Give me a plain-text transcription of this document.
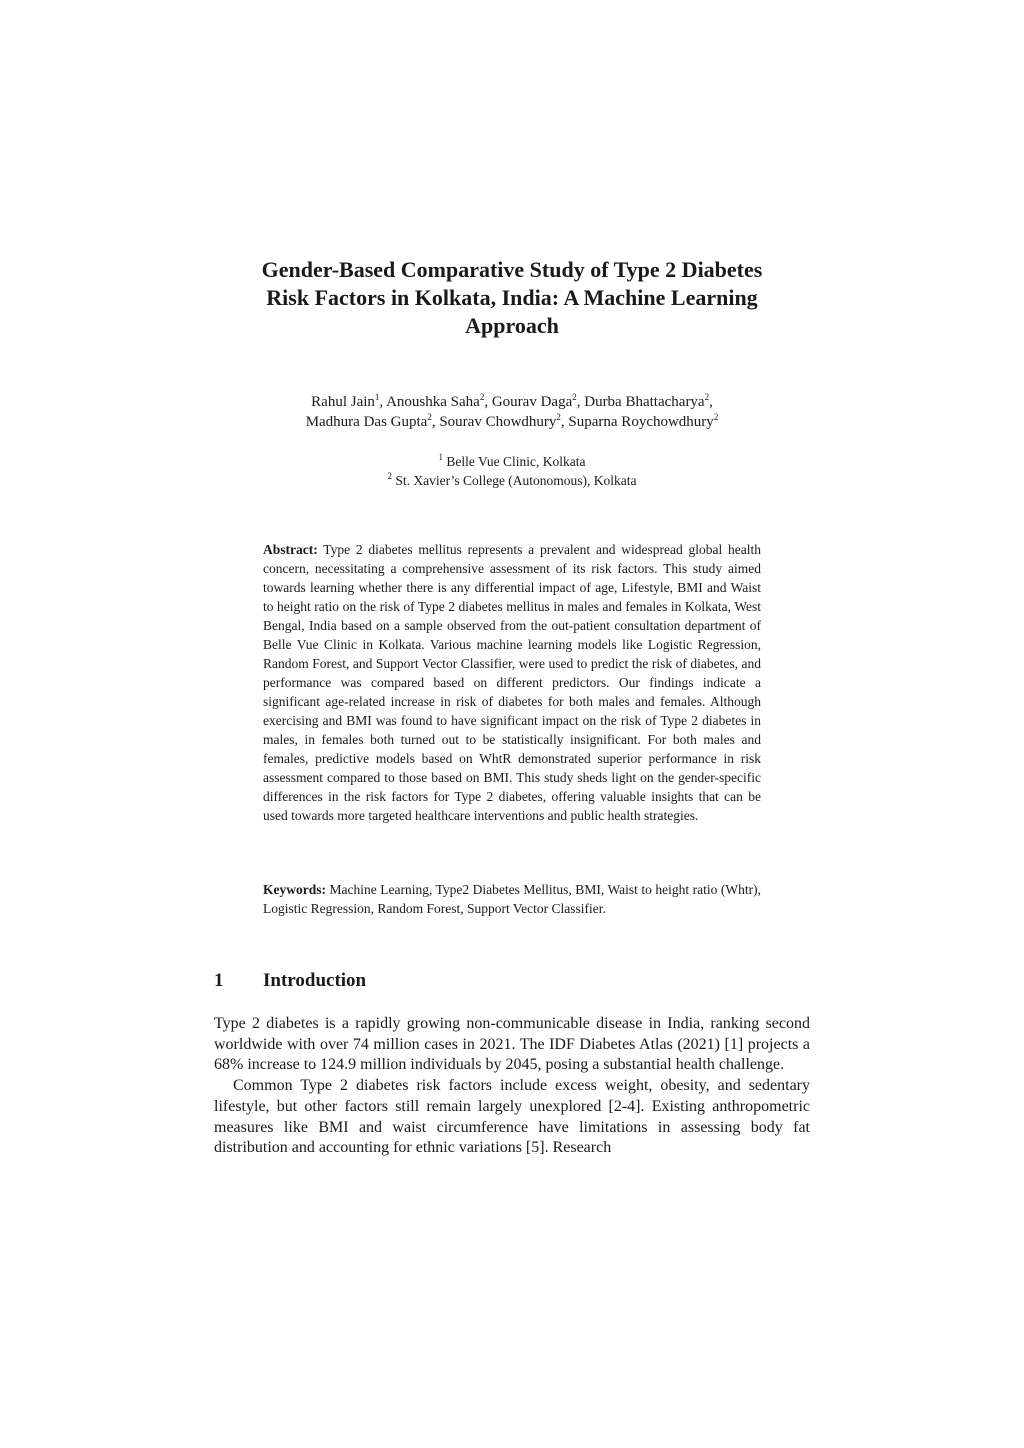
Gender-Based Comparative Study of Type 2 Diabetes
Risk Factors in Kolkata, India: A Machine Learning
Approach
Rahul Jain$^1$, Anoushka Saha$^2$, Gourav Daga$^2$, Durba Bhattacharya$^2$,
Madhura Das Gupta$^2$, Sourav Chowdhury$^2$, Suparna Roychowdhury$^2$
$^1$ Belle Vue Clinic, Kolkata
$^2$ St. Xavier’s College (Autonomous), Kolkata

Abstract: Type 2 diabetes mellitus represents a prevalent and widespread global health concern, necessitating a comprehensive assessment of its risk factors. This study aimed towards learning whether there is any differential impact of age, Lifestyle, BMI and Waist to height ratio on the risk of Type 2 diabetes mellitus in males and females in Kolkata, West Bengal, India based on a sample observed from the out-patient consultation department of Belle Vue Clinic in Kolkata. Various machine learning models like Logistic Regression, Random Forest, and Support Vector Classifier, were used to predict the risk of diabetes, and performance was compared based on different predictors. Our findings indicate a significant age-related increase in risk of diabetes for both males and females. Although exercising and BMI was found to have significant impact on the risk of Type 2 diabetes in males, in females both turned out to be statistically insignificant. For both males and females, predictive models based on WhtR demonstrated superior performance in risk assessment compared to those based on BMI. This study sheds light on the gender-specific differences in the risk factors for Type 2 diabetes, offering valuable insights that can be used towards more targeted healthcare interventions and public health strategies.

Keywords: Machine Learning, Type2 Diabetes Mellitus, BMI, Waist to height ratio (Whtr), Logistic Regression, Random Forest, Support Vector Classifier.

1 Introduction

Type 2 diabetes is a rapidly growing non-communicable disease in India, ranking second worldwide with over 74 million cases in 2021. The IDF Diabetes Atlas (2021) [1] projects a 68% increase to 124.9 million individuals by 2045, posing a substantial health challenge.

Common Type 2 diabetes risk factors include excess weight, obesity, and sedentary lifestyle, but other factors still remain largely unexplored [2-4]. Existing anthropometric measures like BMI and waist circumference have limitations in assessing body fat distribution and accounting for ethnic variations [5]. Research
